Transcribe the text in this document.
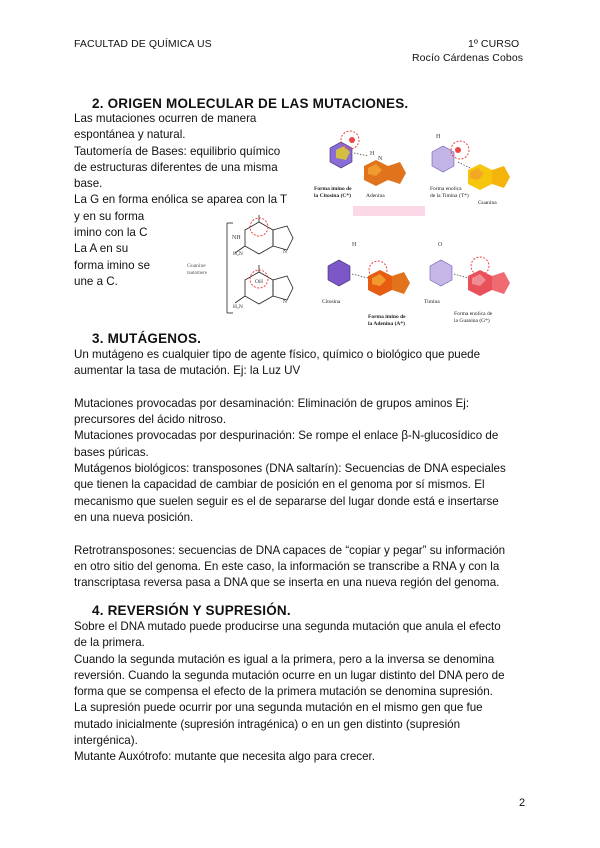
FACULTAD DE QUÍMICA US	1º CURSO
Rocío Cárdenas Cobos
2. ORIGEN MOLECULAR DE LAS MUTACIONES.
Las mutaciones ocurren de manera
espontánea y natural.
Tautomería de Bases: equilibrio químico
de estructuras diferentes de una misma
base.
La G en forma enólica se aparea con la T
y en su forma
imino con la C
La A en su
forma imino se
une a C.
NH
N
H₂N
OH
N
H₂N
Guanine
tautomere
H
N
Forma imino de
la Citosina (C*)	Adenina
H
Forma enolica
de la Timina (T*)
Guanina
H
Citosina
Forma imino de
la Adenina (A*)
O
Timina
Forma enolica de
la Guanina (G*)
3. MUTÁGENOS.
Un mutágeno es cualquier tipo de agente físico, químico o biológico que puede
aumentar la tasa de mutación. Ej: la Luz UV

Mutaciones provocadas por desaminación: Eliminación de grupos aminos Ej:
precursores del ácido nitroso.
Mutaciones provocadas por despurinación: Se rompe el enlace β-N-glucosídico de
bases púricas.
Mutágenos biológicos: transposones (DNA saltarín): Secuencias de DNA especiales
que tienen la capacidad de cambiar de posición en el genoma por sí mismos. El
mecanismo que suelen seguir es el de separarse del lugar donde está e insertarse
en una nueva posición.

Retrotransposones: secuencias de DNA capaces de “copiar y pegar” su información
en otro sitio del genoma. En este caso, la información se transcribe a RNA y con la
transcriptasa reversa pasa a DNA que se inserta en una nueva región del genoma.
4. REVERSIÓN Y SUPRESIÓN.
Sobre el DNA mutado puede producirse una segunda mutación que anula el efecto
de la primera.
Cuando la segunda mutación es igual a la primera, pero a la inversa se denomina
reversión. Cuando la segunda mutación ocurre en un lugar distinto del DNA pero de
forma que se compensa el efecto de la primera mutación se denomina supresión.
La supresión puede ocurrir por una segunda mutación en el mismo gen que fue
mutado inicialmente (supresión intragénica) o en un gen distinto (supresión
intergénica).
Mutante Auxótrofo: mutante que necesita algo para crecer.
2
